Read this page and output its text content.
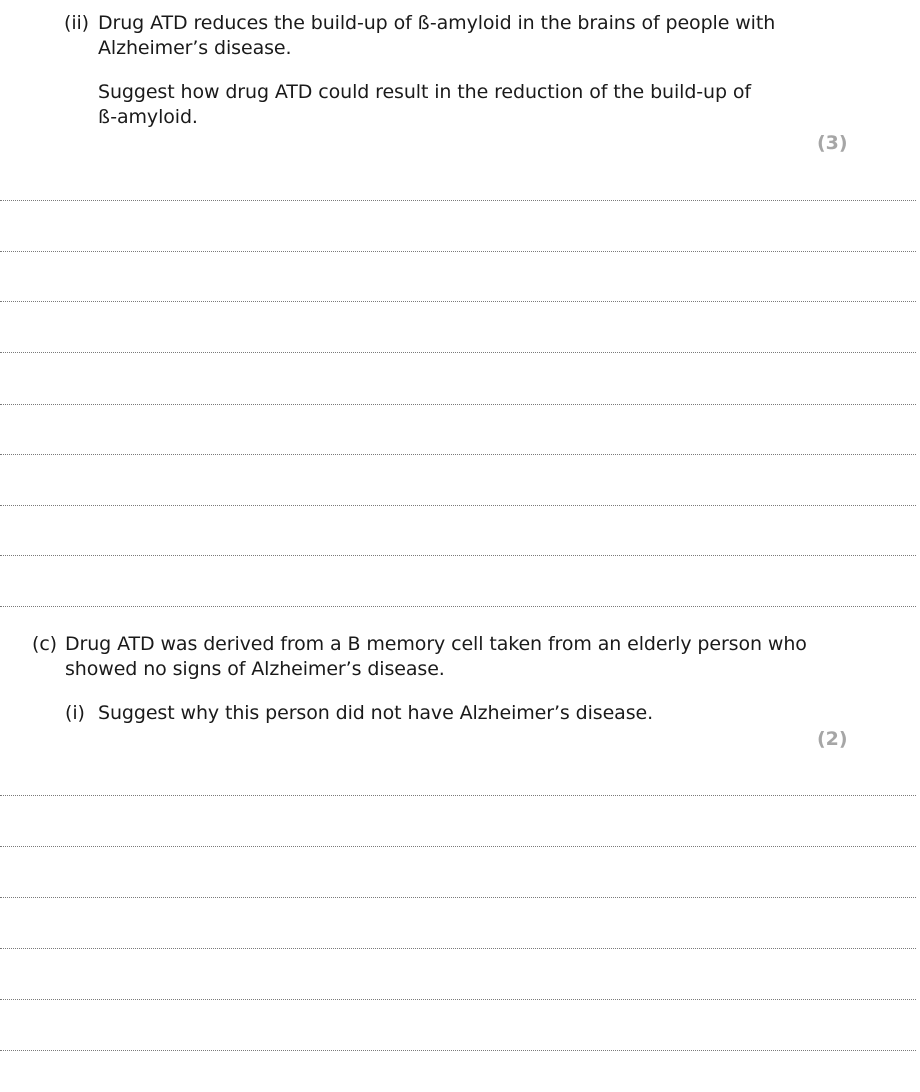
(ii) Drug ATD reduces the build-up of ß-amyloid in the brains of people with
Alzheimer’s disease.
Suggest how drug ATD could result in the reduction of the build-up of
ß-amyloid.
(3)
(c) Drug ATD was derived from a B memory cell taken from an elderly person who
showed no signs of Alzheimer’s disease.
(i) Suggest why this person did not have Alzheimer’s disease.
(2)
